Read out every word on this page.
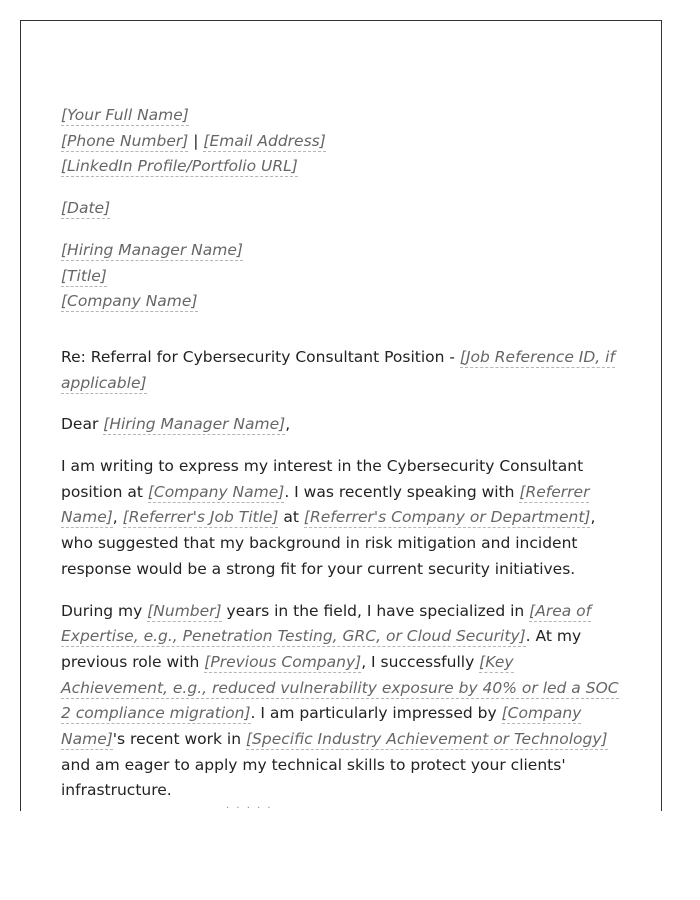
[Your Full Name]
[Phone Number] | [Email Address]
[LinkedIn Profile/Portfolio URL]
[Date]
[Hiring Manager Name]
[Title]
[Company Name]

Re: Referral for Cybersecurity Consultant Position - [Job Reference ID, if applicable]

Dear [Hiring Manager Name],

I am writing to express my interest in the Cybersecurity Consultant position at [Company Name]. I was recently speaking with [Referrer Name], [Referrer's Job Title] at [Referrer's Company or Department], who suggested that my background in risk mitigation and incident response would be a strong fit for your current security initiatives.

During my [Number] years in the field, I have specialized in [Area of Expertise, e.g., Penetration Testing, GRC, or Cloud Security]. At my previous role with [Previous Company], I successfully [Key Achievement, e.g., reduced vulnerability exposure by 40% or led a SOC 2 compliance migration]. I am particularly impressed by [Company Name]'s recent work in [Specific Industry Achievement or Technology] and am eager to apply my technical skills to protect your clients' infrastructure.

· · · · ·
